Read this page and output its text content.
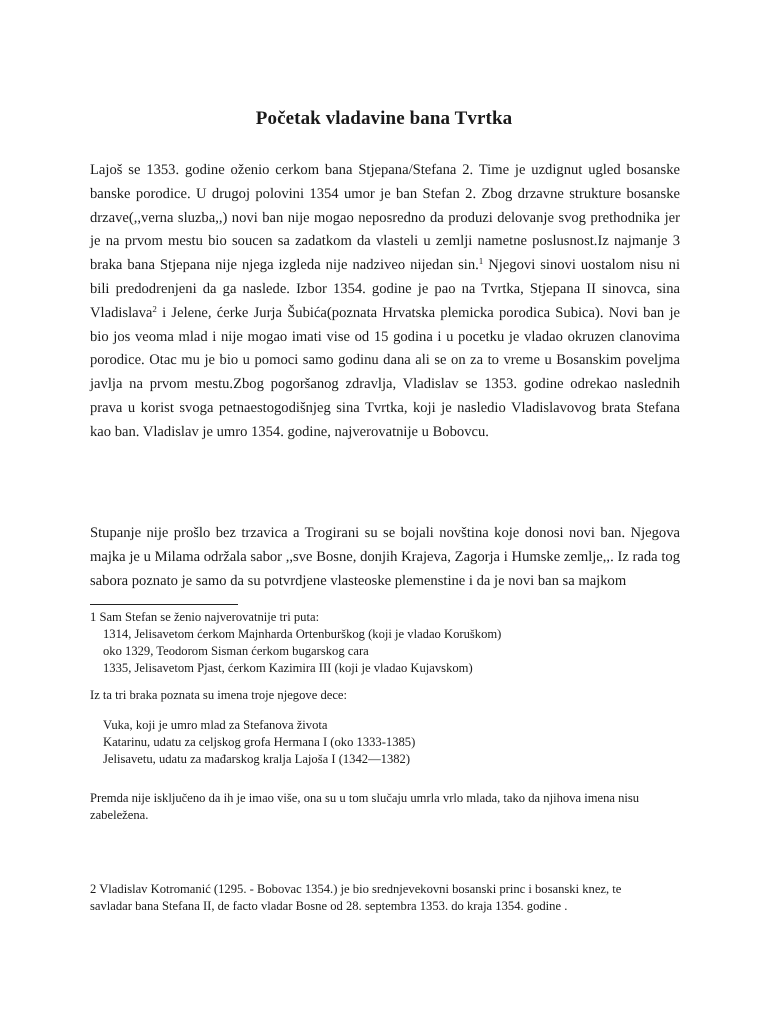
Početak vladavine bana Tvrtka

Lajoš se 1353. godine oženio cerkom bana Stjepana/Stefana 2. Time je uzdignut ugled bosanske banske porodice. U drugoj polovini 1354 umor je ban Stefan 2. Zbog drzavne strukture bosanske drzave(,,verna sluzba,,) novi ban nije mogao neposredno da produzi delovanje svog prethodnika jer je na prvom mestu bio soucen sa zadatkom da vlasteli u zemlji nametne poslusnost.Iz najmanje 3 braka bana Stjepana nije njega izgleda nije nadziveo nijedan sin.$^1$ Njegovi sinovi uostalom nisu ni bili predodrenjeni da ga naslede. Izbor 1354. godine je pao na Tvrtka, Stjepana II sinovca, sina Vladislava$^2$ i Jelene, ćerke Jurja Šubića(poznata Hrvatska plemicka porodica Subica). Novi ban je bio jos veoma mlad i nije mogao imati vise od 15 godina i u pocetku je vladao okruzen clanovima porodice. Otac mu je bio u pomoci samo godinu dana ali se on za to vreme u Bosanskim poveljma javlja na prvom mestu.Zbog pogoršanog zdravlja, Vladislav se 1353. godine odrekao naslednih prava u korist svoga petnaestogodišnjeg sina Tvrtka, koji je nasledio Vladislavovog brata Stefana kao ban. Vladislav je umro 1354. godine, najverovatnije u Bobovcu.

Stupanje nije prošlo bez trzavica a Trogirani su se bojali novština koje donosi novi ban. Njegova majka je u Milama održala sabor ,,sve Bosne, donjih Krajeva, Zagorja i Humske zemlje,,. Iz rada tog sabora poznato je samo da su potvrdjene vlasteoske plemenstine i da je novi ban sa majkom

1 Sam Stefan se ženio najverovatnije tri puta:
1314, Jelisavetom ćerkom Majnharda Ortenburškog (koji je vladao Koruškom)
oko 1329, Teodorom Sisman ćerkom bugarskog cara
1335, Jelisavetom Pjast, ćerkom Kazimira III (koji je vladao Kujavskom)
Iz ta tri braka poznata su imena troje njegove dece:
Vuka, koji je umro mlad za Stefanova života
Katarinu, udatu za celjskog grofa Hermana I (oko 1333-1385)
Jelisavetu, udatu za mađarskog kralja Lajoša I (1342—1382)
Premda nije isključeno da ih je imao više, ona su u tom slučaju umrla vrlo mlada, tako da njihova imena nisu zabeležena.
2 Vladislav Kotromanić (1295. - Bobovac 1354.) je bio srednjevekovni bosanski princ i bosanski knez, te savladar bana Stefana II, de facto vladar Bosne od 28. septembra 1353. do kraja 1354. godine .
